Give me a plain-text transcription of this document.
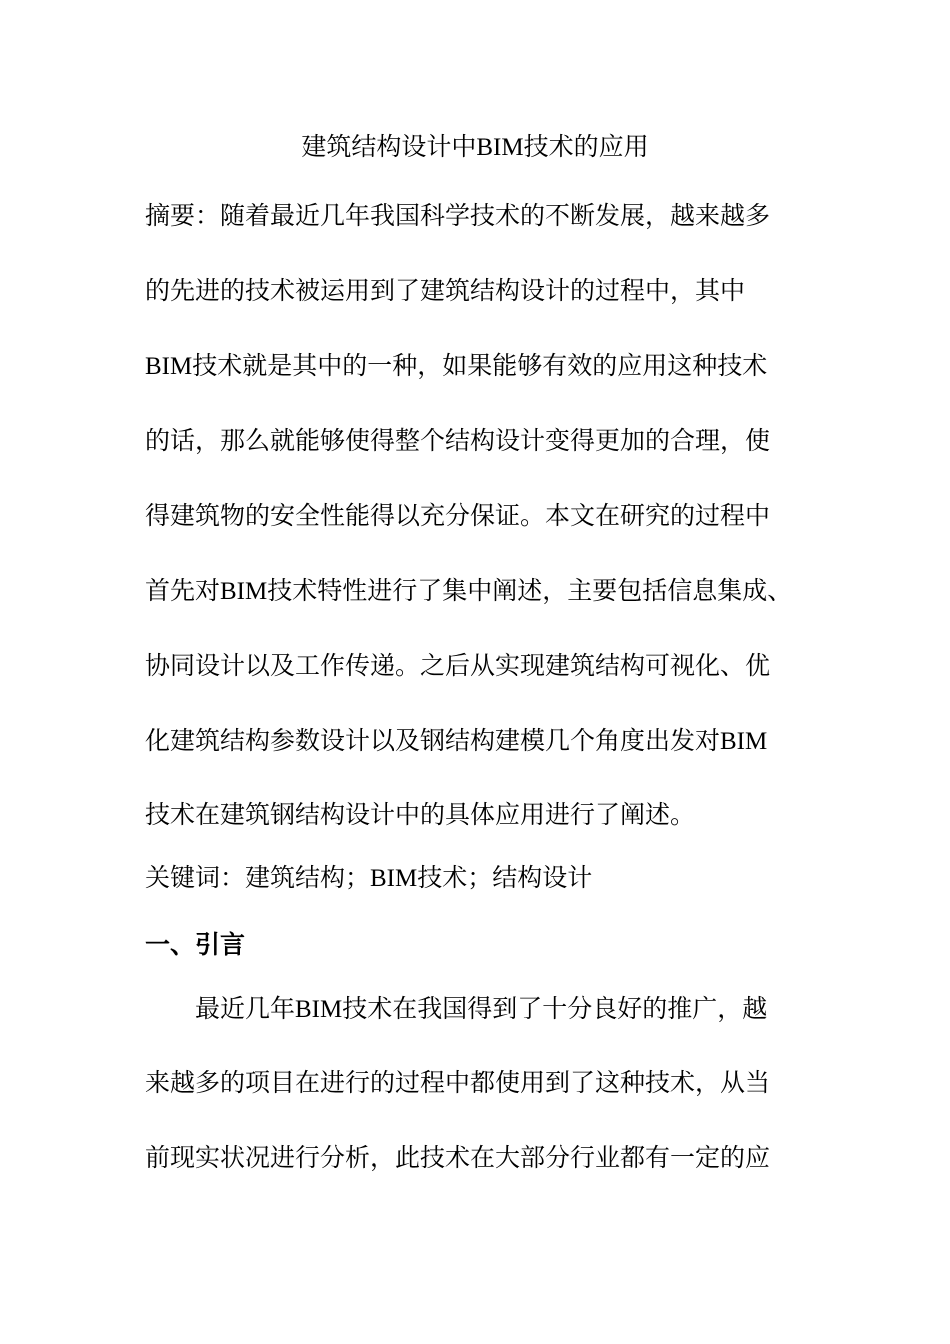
建筑结构设计中BIM技术的应用
摘要：随着最近几年我国科学技术的不断发展，越来越多
的先进的技术被运用到了建筑结构设计的过程中，其中
BIM技术就是其中的一种，如果能够有效的应用这种技术
的话，那么就能够使得整个结构设计变得更加的合理，使
得建筑物的安全性能得以充分保证。本文在研究的过程中
首先对BIM技术特性进行了集中阐述，主要包括信息集成、
协同设计以及工作传递。之后从实现建筑结构可视化、优
化建筑结构参数设计以及钢结构建模几个角度出发对BIM
技术在建筑钢结构设计中的具体应用进行了阐述。
关键词：建筑结构；BIM技术；结构设计
一、引言
最近几年BIM技术在我国得到了十分良好的推广，越
来越多的项目在进行的过程中都使用到了这种技术，从当
前现实状况进行分析，此技术在大部分行业都有一定的应
